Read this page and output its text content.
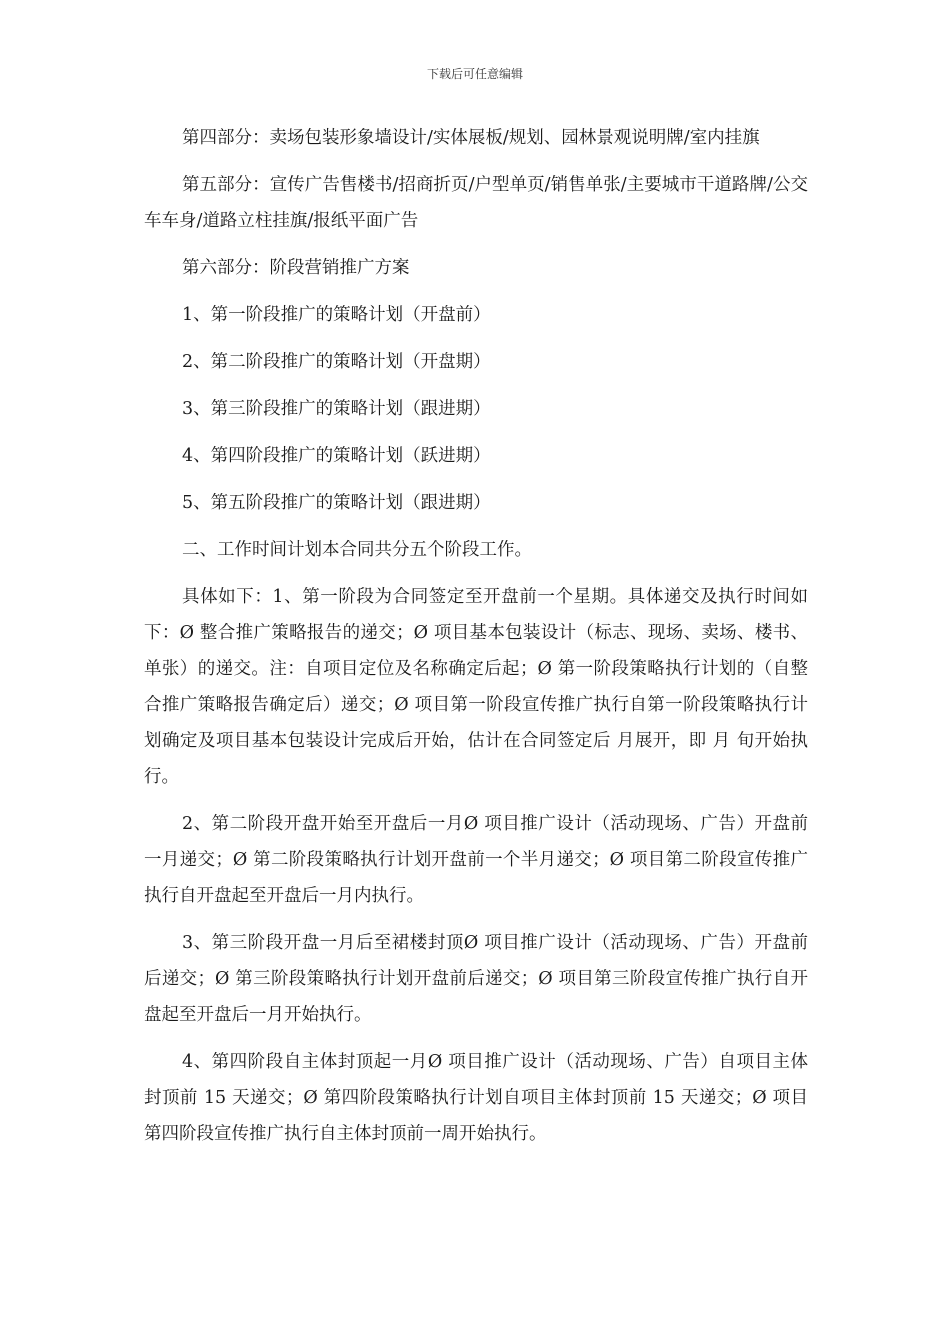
下载后可任意编辑

第四部分：卖场包装形象墙设计/实体展板/规划、园林景观说明牌/室内挂旗

第五部分：宣传广告售楼书/招商折页/户型单页/销售单张/主要城市干道路牌/公交车车身/道路立柱挂旗/报纸平面广告

第六部分：阶段营销推广方案

1、第一阶段推广的策略计划（开盘前）

2、第二阶段推广的策略计划（开盘期）

3、第三阶段推广的策略计划（跟进期）

4、第四阶段推广的策略计划（跃进期）

5、第五阶段推广的策略计划（跟进期）

二、工作时间计划本合同共分五个阶段工作。

具体如下：1、第一阶段为合同签定至开盘前一个星期。具体递交及执行时间如下：Ø 整合推广策略报告的递交；Ø 项目基本包装设计（标志、现场、卖场、楼书、单张）的递交。注：自项目定位及名称确定后起；Ø 第一阶段策略执行计划的（自整合推广策略报告确定后）递交；Ø 项目第一阶段宣传推广执行自第一阶段策略执行计划确定及项目基本包装设计完成后开始，估计在合同签定后 月展开，即 月 旬开始执行。

2、第二阶段开盘开始至开盘后一月Ø 项目推广设计（活动现场、广告）开盘前一月递交；Ø 第二阶段策略执行计划开盘前一个半月递交；Ø 项目第二阶段宣传推广执行自开盘起至开盘后一月内执行。

3、第三阶段开盘一月后至裙楼封顶Ø 项目推广设计（活动现场、广告）开盘前后递交；Ø 第三阶段策略执行计划开盘前后递交；Ø 项目第三阶段宣传推广执行自开盘起至开盘后一月开始执行。

4、第四阶段自主体封顶起一月Ø 项目推广设计（活动现场、广告）自项目主体封顶前 15 天递交；Ø 第四阶段策略执行计划自项目主体封顶前 15 天递交；Ø 项目第四阶段宣传推广执行自主体封顶前一周开始执行。
